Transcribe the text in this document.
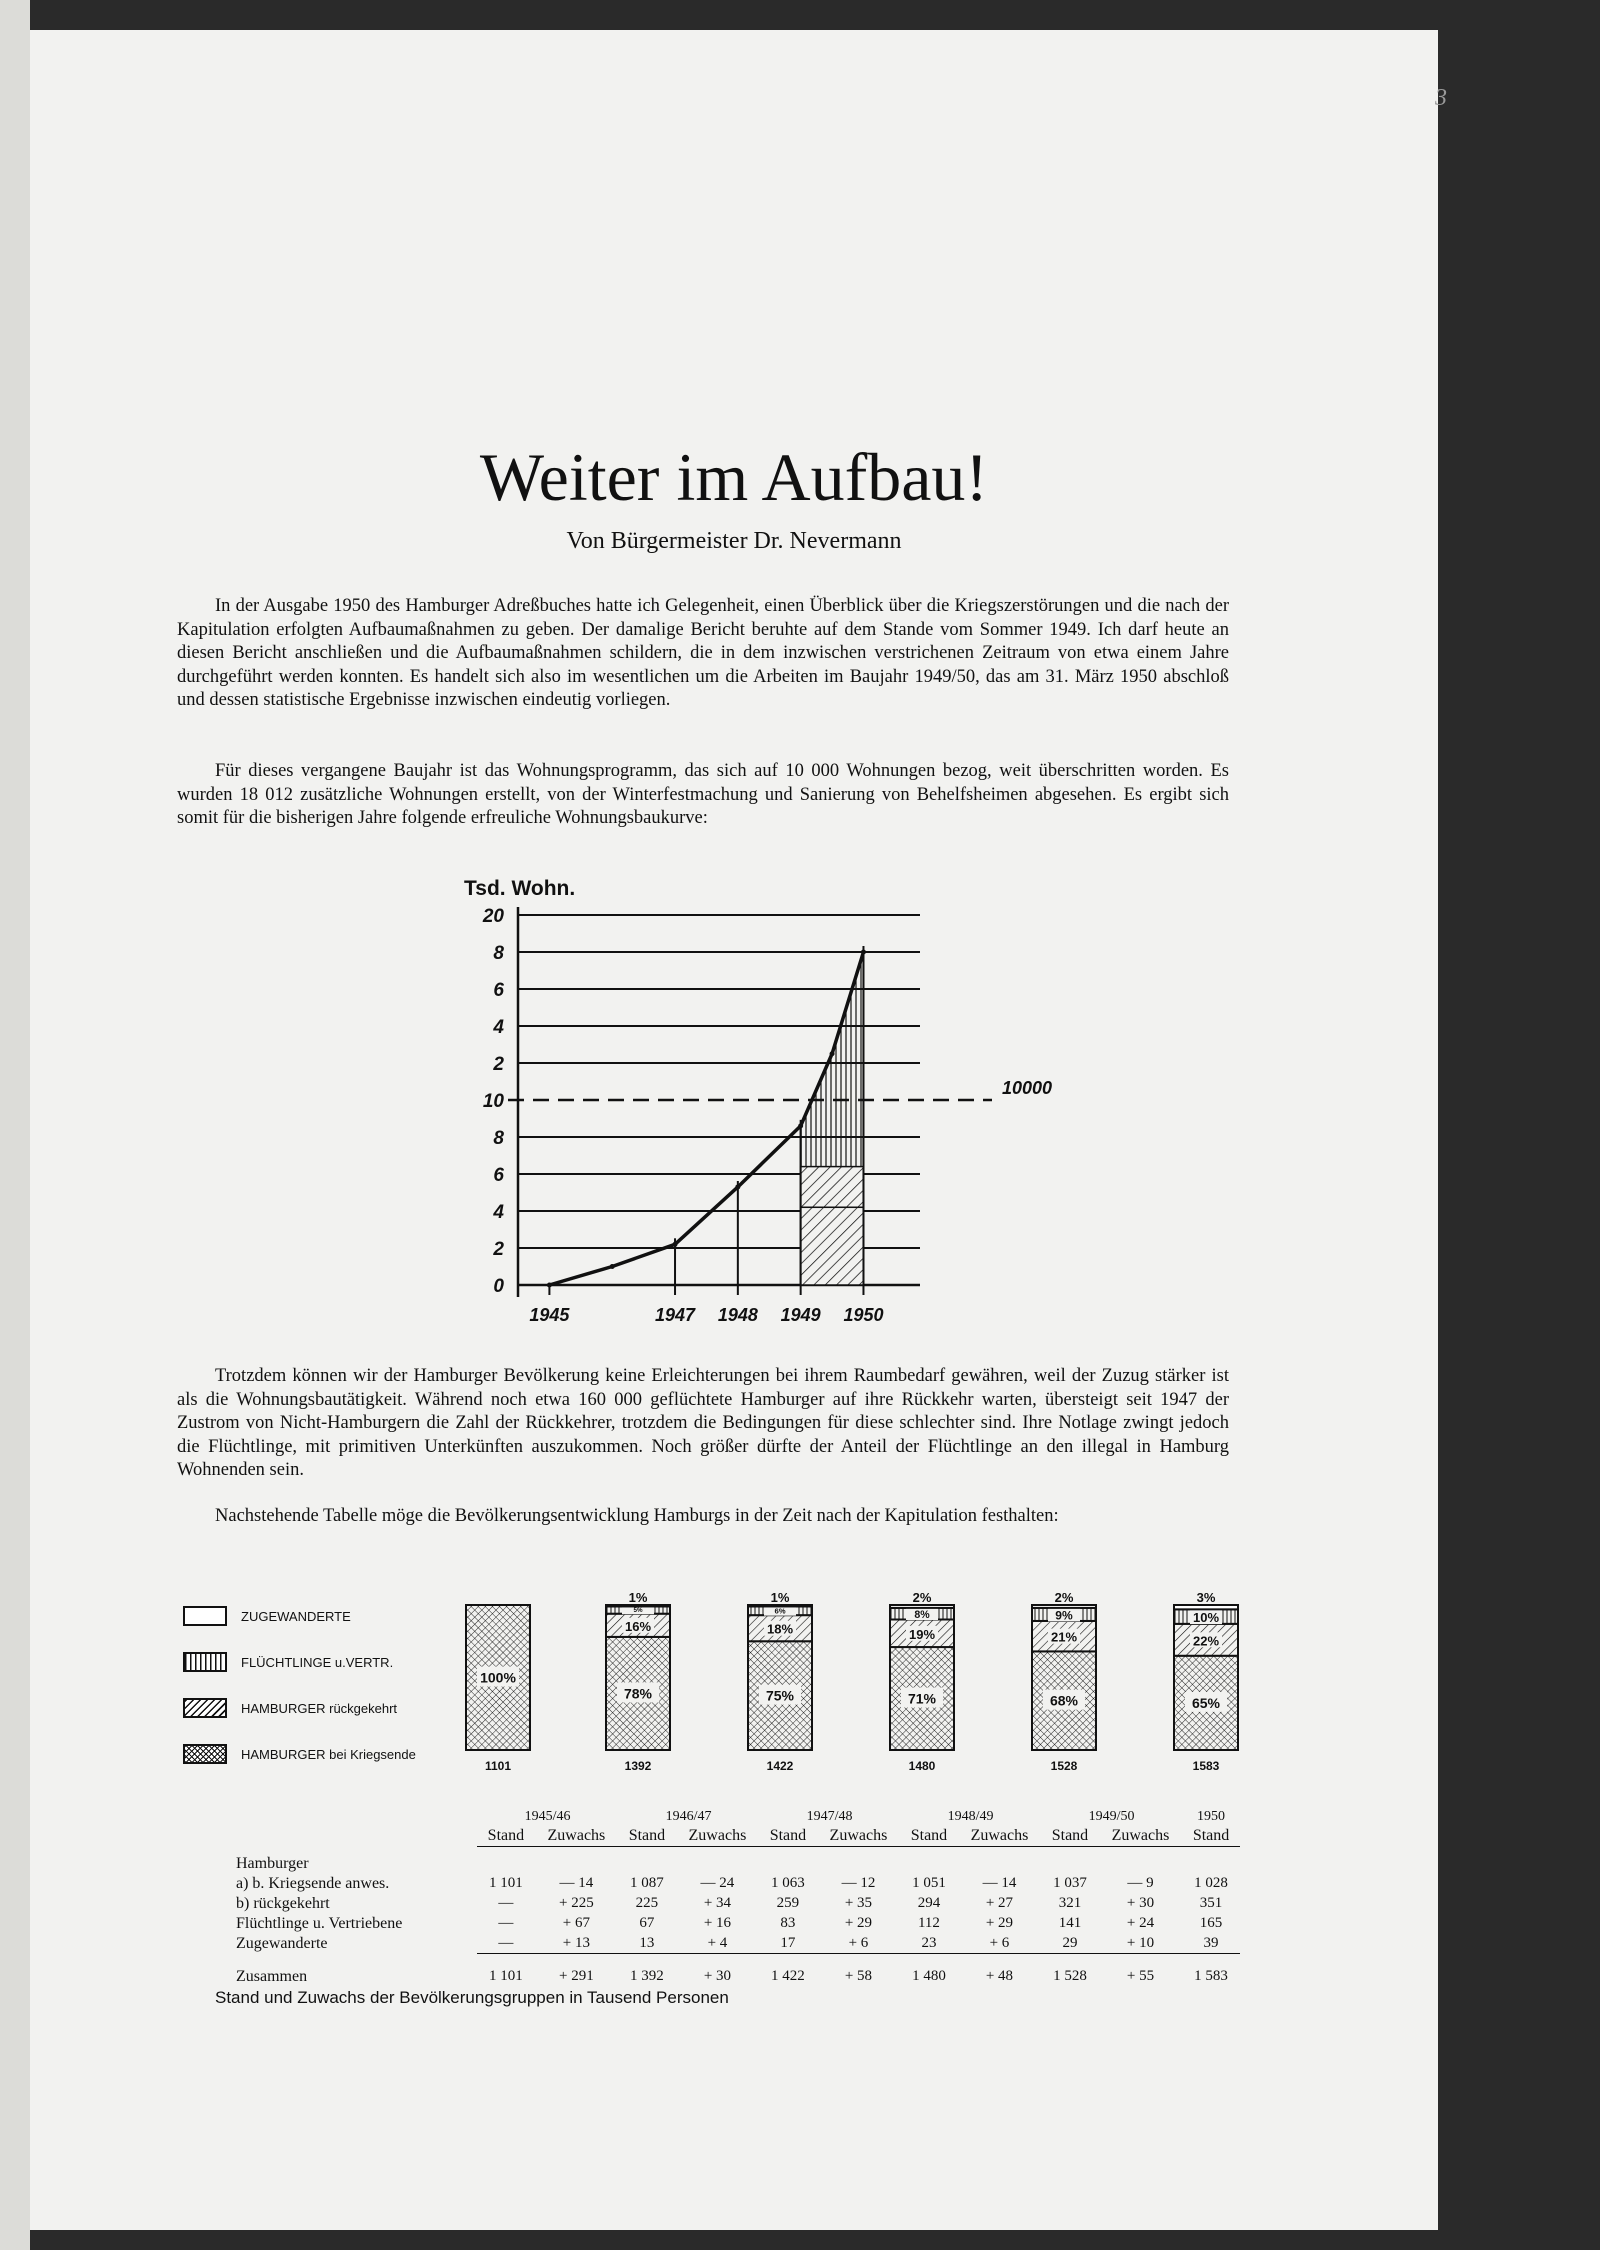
3
Weiter im Aufbau!
Von Bürgermeister Dr. Nevermann
In der Ausgabe 1950 des Hamburger Adreßbuches hatte ich Gelegenheit, einen Überblick über die Kriegszerstörungen und die nach der Kapitulation erfolgten Aufbaumaßnahmen zu geben. Der damalige Bericht beruhte auf dem Stande vom Sommer 1949. Ich darf heute an diesen Bericht anschließen und die Aufbaumaßnahmen schildern, die in dem inzwischen verstrichenen Zeitraum von etwa einem Jahre durchgeführt werden konnten. Es handelt sich also im wesentlichen um die Arbeiten im Baujahr 1949/50, das am 31. März 1950 abschloß und dessen statistische Ergebnisse inzwischen eindeutig vorliegen.
Für dieses vergangene Baujahr ist das Wohnungsprogramm, das sich auf 10 000 Wohnungen bezog, weit überschritten worden. Es wurden 18 012 zusätzliche Wohnungen erstellt, von der Winterfestmachung und Sanierung von Behelfsheimen abgesehen. Es ergibt sich somit für die bisherigen Jahre folgende erfreuliche Wohnungsbaukurve:
Tsd. Wohn.
0
2
4
6
8
10
2
4
6
8
20
10000
1945	1947 1948 1949 1950
Trotzdem können wir der Hamburger Bevölkerung keine Erleichterungen bei ihrem Raumbedarf gewähren, weil der Zuzug stärker ist als die Wohnungsbautätigkeit. Während noch etwa 160 000 geflüchtete Hamburger auf ihre Rückkehr warten, übersteigt seit 1947 der Zustrom von Nicht-Hamburgern die Zahl der Rückkehrer, trotzdem die Bedingungen für diese schlechter sind. Ihre Notlage zwingt jedoch die Flüchtlinge, mit primitiven Unterkünften auszukommen. Noch größer dürfte der Anteil der Flüchtlinge an den illegal in Hamburg Wohnenden sein.
Nachstehende Tabelle möge die Bevölkerungsentwicklung Hamburgs in der Zeit nach der Kapitulation festhalten:
ZUGEWANDERTE
FLÜCHTLINGE u.VERTR.
HAMBURGER rückgekehrt
HAMBURGER bei Kriegsende
100%
1101
78%
16%
5%
1%
1392
75%
18%
6%
1%
1422
71%
19%
8%
2%
1480
68%
21%
9%
2%
1528
65%
22%
10%
3%
1583
	1945/46		1946/47		1947/48		1948/49		1949/50		1950
	Stand	Zuwachs	Stand	Zuwachs	Stand	Zuwachs	Stand	Zuwachs	Stand	Zuwachs	Stand
Hamburger											
a) b. Kriegsende anwes.	1 101	— 14	1 087	— 24	1 063	— 12	1 051	— 14	1 037	— 9	1 028
b) rückgekehrt	—	+ 225	225	+ 34	259	+ 35	294	+ 27	321	+ 30	351
Flüchtlinge u. Vertriebene	—	+ 67	67	+ 16	83	+ 29	112	+ 29	141	+ 24	165
Zugewanderte	—	+ 13	13	+ 4	17	+ 6	23	+ 6	29	+ 10	39
Zusammen	1 101	+ 291	1 392	+ 30	1 422	+ 58	1 480	+ 48	1 528	+ 55	1 583
Stand und Zuwachs der Bevölkerungsgruppen in Tausend Personen
